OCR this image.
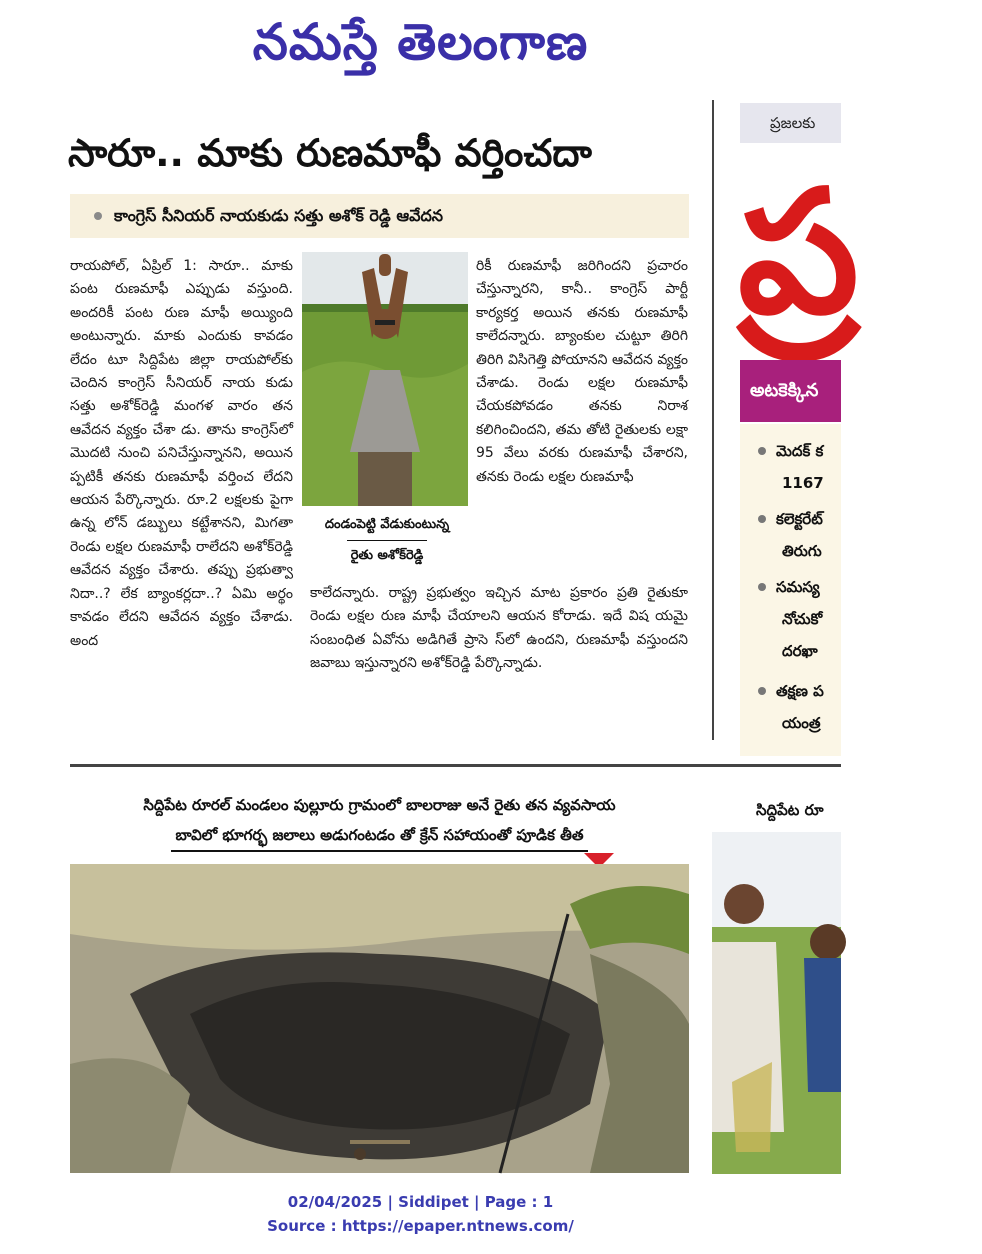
నమస్తే తెలంగాణ
సారూ.. మాకు రుణమాఫీ వర్తించదా
కాంగ్రెస్ సీనియర్ నాయకుడు సత్తు అశోక్ రెడ్డి ఆవేదన
రాయపోల్, ఏప్రిల్ 1: సారూ.. మాకు పంట రుణమాఫీ ఎప్పుడు వస్తుంది. అందరికీ పంట రుణ మాఫీ అయ్యింది అంటున్నారు. మాకు ఎందుకు కావడం లేదం టూ సిద్దిపేట జిల్లా రాయపోల్‌కు చెందిన కాంగ్రెస్ సీనియర్ నాయ కుడు సత్తు అశోక్‌రెడ్డి మంగళ వారం తన ఆవేదన వ్యక్తం చేశా డు. తాను కాంగ్రెస్‌లో మొదటి నుంచి పనిచేస్తున్నానని, అయిన ప్పటికీ తనకు రుణమాఫీ వర్తించ లేదని ఆయన పేర్కొన్నారు. రూ.2 లక్షలకు పైగా ఉన్న లోన్ డబ్బులు కట్టేశానని, మిగతా రెండు లక్షల రుణమాఫీ రాలేదని అశోక్‌రెడ్డి ఆవేదన వ్యక్తం చేశారు. తప్పు ప్రభుత్వా నిదా..? లేక బ్యాంకర్లదా..? ఏమి అర్థం కావడం లేదని ఆవేదన వ్యక్తం చేశాడు. అంద
దండంపెట్టి వేడుకుంటున్న
రైతు అశోక్‌రెడ్డి
రికీ రుణమాఫీ జరిగిందని ప్రచారం చేస్తున్నారని, కానీ.. కాంగ్రెస్ పార్టీ కార్యకర్త అయిన తనకు రుణమాఫీ కాలేదన్నారు. బ్యాంకుల చుట్టూ తిరిగి తిరిగి విసిగెత్తి పోయానని ఆవేదన వ్యక్తం చేశాడు. రెండు లక్షల రుణమాఫీ చేయకపోవడం తనకు నిరాశ కలిగించిందని, తమ తోటి రైతులకు లక్షా 95 వేలు వరకు రుణమాఫీ చేశారని, తనకు రెండు లక్షల రుణమాఫీ
కాలేదన్నారు. రాష్ట్ర ప్రభుత్వం ఇచ్చిన మాట ప్రకారం ప్రతి రైతుకూ రెండు లక్షల రుణ మాఫీ చేయాలని ఆయన కోరాడు. ఇదే విష యమై సంబంధిత ఏవోను అడిగితే ప్రాసె స్‌లో ఉందని, రుణమాఫీ వస్తుందని జవాబు ఇస్తున్నారని అశోక్‌రెడ్డి పేర్కొన్నాడు.
సిద్దిపేట రూరల్ మండలం పుల్లూరు గ్రామంలో బాలరాజు అనే రైతు తన వ్యవసాయ
బావిలో భూగర్భ జలాలు అడుగంటడం తో క్రేన్ సహాయంతో పూడిక తీత
ప్రజలకు
ప్ర
అటకెక్కిన
మెదక్ క
1167
కలెక్టరేట్
తిరుగు
సమస్య
నోచుకో
దరఖా
తక్షణ ప
యంత్ర
సిద్దిపేట రూ
02/04/2025 | Siddipet | Page : 1
Source : https://epaper.ntnews.com/
